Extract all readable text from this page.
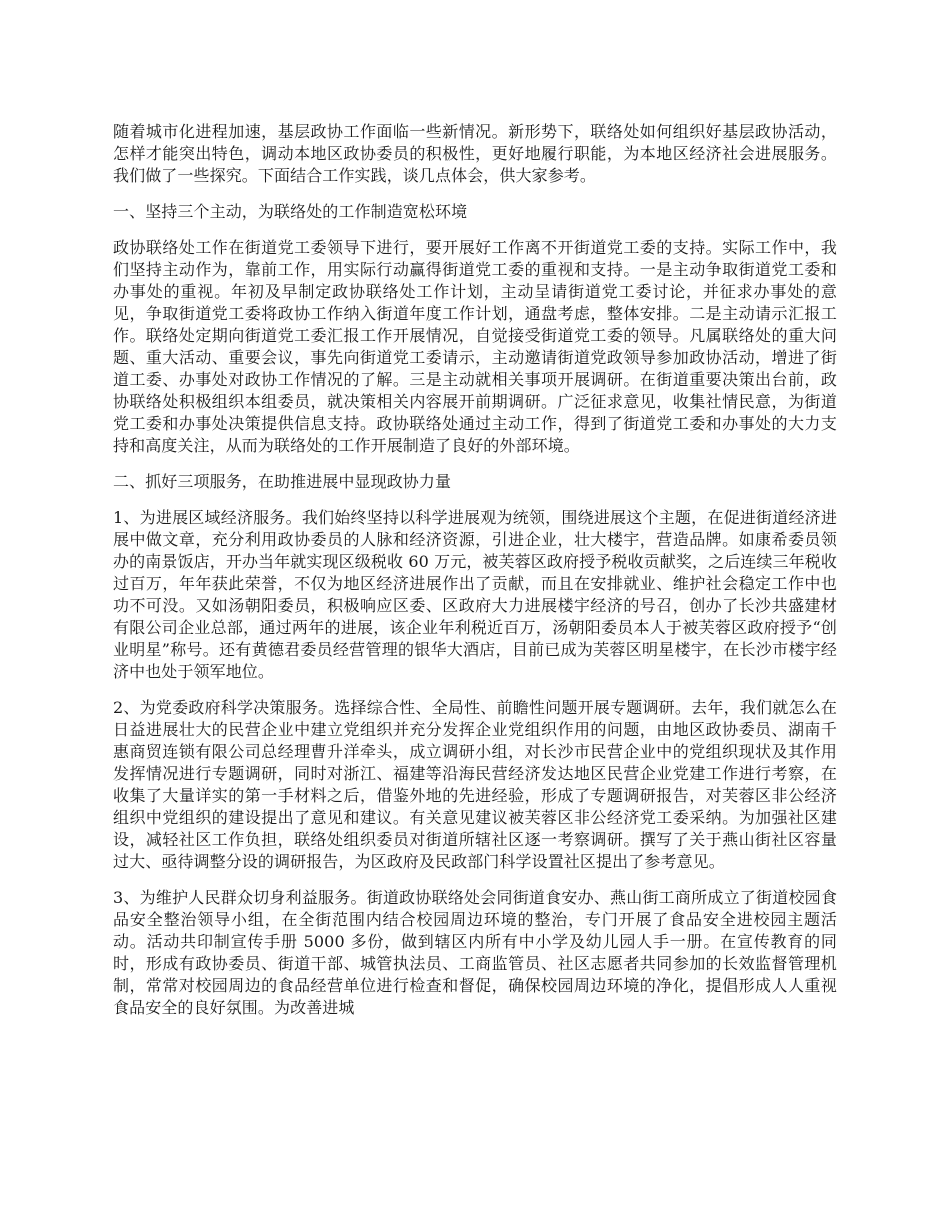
随着城市化进程加速，基层政协工作面临一些新情况。新形势下，联络处如何组织好基层政协活动，怎样才能突出特色，调动本地区政协委员的积极性，更好地履行职能，为本地区经济社会进展服务。我们做了一些探究。下面结合工作实践，谈几点体会，供大家参考。

一、坚持三个主动，为联络处的工作制造宽松环境

政协联络处工作在街道党工委领导下进行，要开展好工作离不开街道党工委的支持。实际工作中，我们坚持主动作为，靠前工作，用实际行动赢得街道党工委的重视和支持。一是主动争取街道党工委和办事处的重视。年初及早制定政协联络处工作计划，主动呈请街道党工委讨论，并征求办事处的意见，争取街道党工委将政协工作纳入街道年度工作计划，通盘考虑，整体安排。二是主动请示汇报工作。联络处定期向街道党工委汇报工作开展情况，自觉接受街道党工委的领导。凡属联络处的重大问题、重大活动、重要会议，事先向街道党工委请示，主动邀请街道党政领导参加政协活动，增进了街道工委、办事处对政协工作情况的了解。三是主动就相关事项开展调研。在街道重要决策出台前，政协联络处积极组织本组委员，就决策相关内容展开前期调研。广泛征求意见，收集社情民意，为街道党工委和办事处决策提供信息支持。政协联络处通过主动工作，得到了街道党工委和办事处的大力支持和高度关注，从而为联络处的工作开展制造了良好的外部环境。

二、抓好三项服务，在助推进展中显现政协力量

1、为进展区域经济服务。我们始终坚持以科学进展观为统领，围绕进展这个主题，在促进街道经济进展中做文章，充分利用政协委员的人脉和经济资源，引进企业，壮大楼宇，营造品牌。如康希委员领办的南景饭店，开办当年就实现区级税收 60 万元，被芙蓉区政府授予税收贡献奖，之后连续三年税收过百万，年年获此荣誉，不仅为地区经济进展作出了贡献，而且在安排就业、维护社会稳定工作中也功不可没。又如汤朝阳委员，积极响应区委、区政府大力进展楼宇经济的号召，创办了长沙共盛建材有限公司企业总部，通过两年的进展，该企业年利税近百万，汤朝阳委员本人于被芙蓉区政府授予“创业明星”称号。还有黄德君委员经营管理的银华大酒店，目前已成为芙蓉区明星楼宇，在长沙市楼宇经济中也处于领军地位。

2、为党委政府科学决策服务。选择综合性、全局性、前瞻性问题开展专题调研。去年，我们就怎么在日益进展壮大的民营企业中建立党组织并充分发挥企业党组织作用的问题，由地区政协委员、湖南千惠商贸连锁有限公司总经理曹升洋牵头，成立调研小组，对长沙市民营企业中的党组织现状及其作用发挥情况进行专题调研，同时对浙江、福建等沿海民营经济发达地区民营企业党建工作进行考察，在收集了大量详实的第一手材料之后，借鉴外地的先进经验，形成了专题调研报告，对芙蓉区非公经济组织中党组织的建设提出了意见和建议。有关意见建议被芙蓉区非公经济党工委采纳。为加强社区建设，减轻社区工作负担，联络处组织委员对街道所辖社区逐一考察调研。撰写了关于燕山街社区容量过大、亟待调整分设的调研报告，为区政府及民政部门科学设置社区提出了参考意见。

3、为维护人民群众切身利益服务。街道政协联络处会同街道食安办、燕山街工商所成立了街道校园食品安全整治领导小组，在全街范围内结合校园周边环境的整治，专门开展了食品安全进校园主题活动。活动共印制宣传手册 5000 多份，做到辖区内所有中小学及幼儿园人手一册。在宣传教育的同时，形成有政协委员、街道干部、城管执法员、工商监管员、社区志愿者共同参加的长效监督管理机制，常常对校园周边的食品经营单位进行检查和督促，确保校园周边环境的净化，提倡形成人人重视食品安全的良好氛围。为改善进城
